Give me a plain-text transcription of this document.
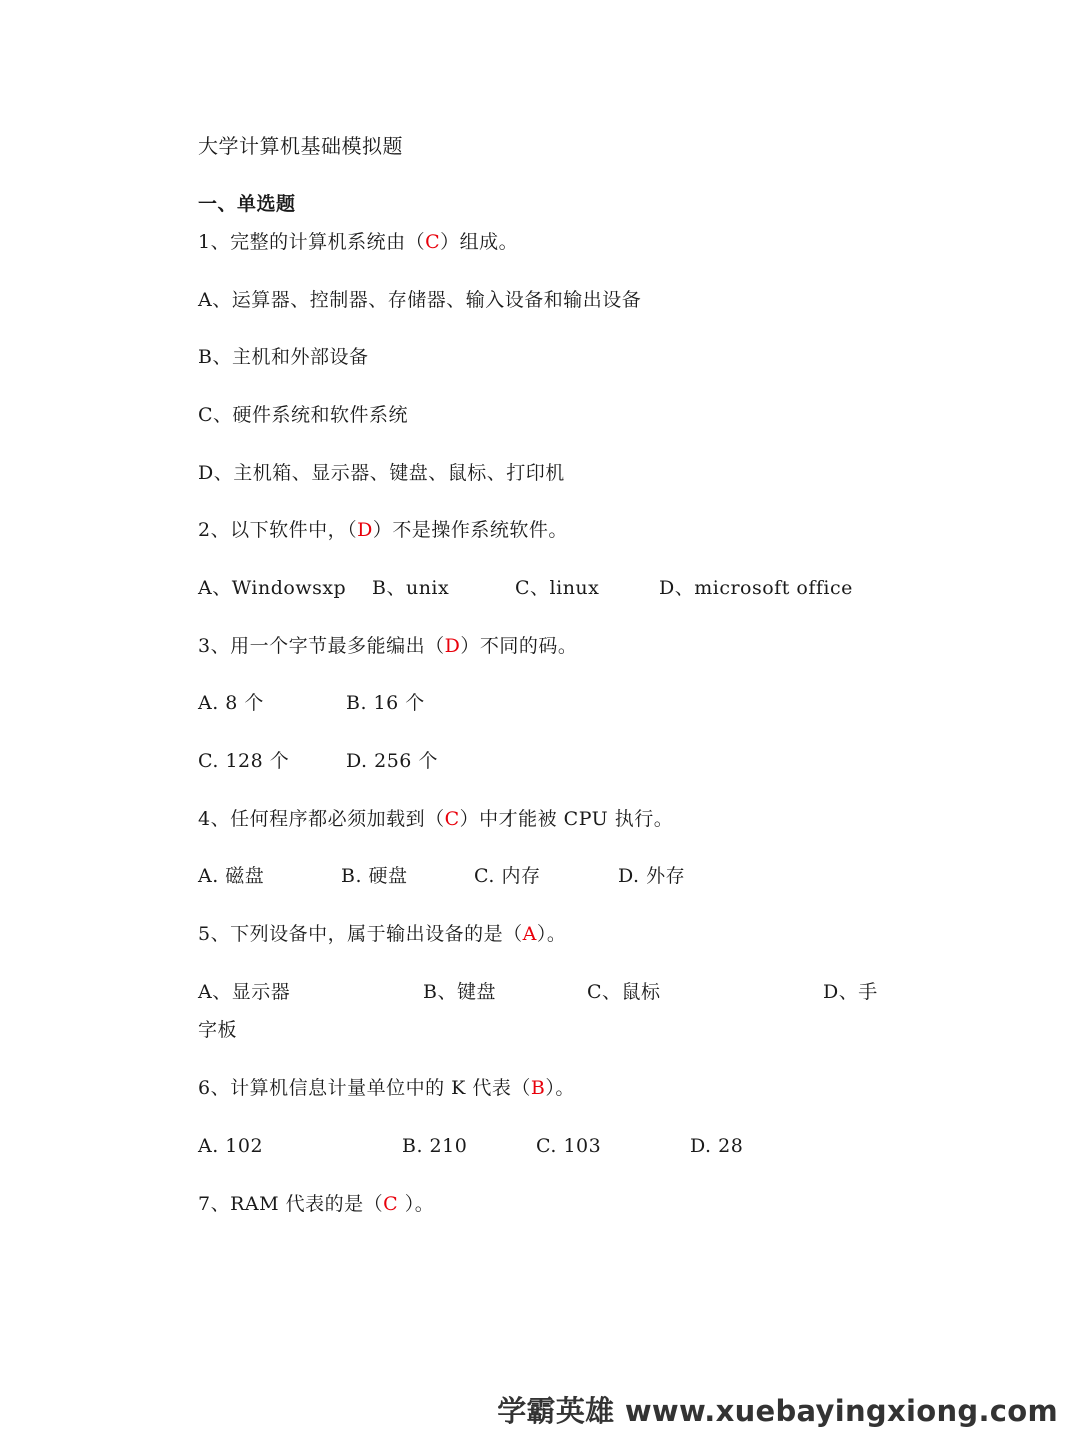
大学计算机基础模拟题
一、单选题
1、完整的计算机系统由（C）组成。
A、运算器、控制器、存储器、输入设备和输出设备
B、主机和外部设备
C、硬件系统和软件系统
D、主机箱、显示器、键盘、鼠标、打印机
2、以下软件中，（D）不是操作系统软件。
A、Windowsxp B、unix	C、linux	D、microsoft office
3、用一个字节最多能编出（D）不同的码。
A. 8 个	B. 16 个
C. 128 个	D. 256 个
4、任何程序都必须加载到（C）中才能被 CPU 执行。
A. 磁盘	B. 硬盘	C. 内存	D. 外存
5、下列设备中，属于输出设备的是（A）。
A、显示器	B、键盘	C、鼠标	D、手
字板
6、计算机信息计量单位中的 K 代表（B）。
A. 102	B. 210	C. 103	D. 28
7、RAM 代表的是（C ）。
学霸英雄 www.xuebayingxiong.com
